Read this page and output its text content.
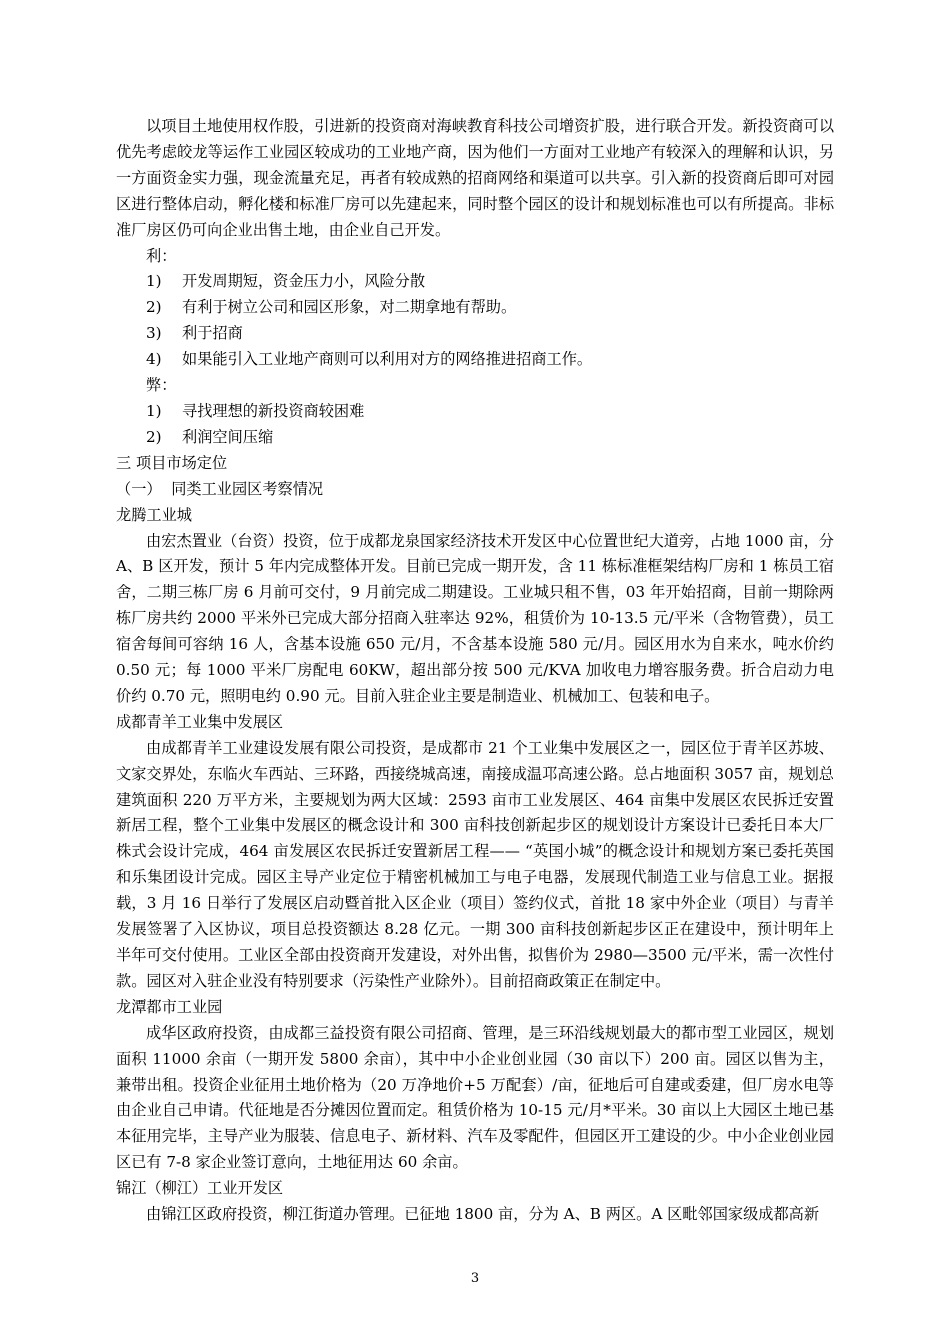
以项目土地使用权作股，引进新的投资商对海峡教育科技公司增资扩股，进行联合开发。新投资商可以优先考虑皎龙等运作工业园区较成功的工业地产商，因为他们一方面对工业地产有较深入的理解和认识，另一方面资金实力强，现金流量充足，再者有较成熟的招商网络和渠道可以共享。引入新的投资商后即可对园区进行整体启动，孵化楼和标准厂房可以先建起来，同时整个园区的设计和规划标准也可以有所提高。非标准厂房区仍可向企业出售土地，由企业自己开发。

利：

1)	开发周期短，资金压力小，风险分散
2)	有利于树立公司和园区形象，对二期拿地有帮助。
3)	利于招商
4)	如果能引入工业地产商则可以利用对方的网络推进招商工作。

弊：

1)	寻找理想的新投资商较困难
2)	利润空间压缩

三 项目市场定位

（一）  同类工业园区考察情况

龙腾工业城

由宏杰置业（台资）投资，位于成都龙泉国家经济技术开发区中心位置世纪大道旁，占地 1000 亩，分 A、B 区开发，预计 5 年内完成整体开发。目前已完成一期开发，含 11 栋标准框架结构厂房和 1 栋员工宿舍，二期三栋厂房 6 月前可交付，9 月前完成二期建设。工业城只租不售，03 年开始招商，目前一期除两栋厂房共约 2000 平米外已完成大部分招商入驻率达 92%，租赁价为 10-13.5 元/平米（含物管费），员工宿舍每间可容纳 16 人，含基本设施 650 元/月，不含基本设施 580 元/月。园区用水为自来水，吨水价约 0.50 元；每 1000 平米厂房配电 60KW，超出部分按 500 元/KVA 加收电力增容服务费。折合启动力电价约 0.70 元，照明电约 0.90 元。目前入驻企业主要是制造业、机械加工、包装和电子。

成都青羊工业集中发展区

由成都青羊工业建设发展有限公司投资，是成都市 21 个工业集中发展区之一，园区位于青羊区苏坡、文家交界处，东临火车西站、三环路，西接绕城高速，南接成温邛高速公路。总占地面积 3057 亩，规划总建筑面积 220 万平方米，主要规划为两大区域：2593 亩市工业发展区、464 亩集中发展区农民拆迁安置新居工程，整个工业集中发展区的概念设计和 300 亩科技创新起步区的规划设计方案设计已委托日本大厂株式会设计完成，464 亩发展区农民拆迁安置新居工程—— “英国小城”的概念设计和规划方案已委托英国和乐集团设计完成。园区主导产业定位于精密机械加工与电子电器，发展现代制造工业与信息工业。据报载，3 月 16 日举行了发展区启动暨首批入区企业（项目）签约仪式，首批 18 家中外企业（项目）与青羊发展签署了入区协议，项目总投资额达 8.28 亿元。一期 300 亩科技创新起步区正在建设中，预计明年上半年可交付使用。工业区全部由投资商开发建设，对外出售，拟售价为 2980—3500 元/平米，需一次性付款。园区对入驻企业没有特别要求（污染性产业除外）。目前招商政策正在制定中。

龙潭都市工业园

成华区政府投资，由成都三益投资有限公司招商、管理，是三环沿线规划最大的都市型工业园区，规划面积 11000 余亩（一期开发 5800 余亩），其中中小企业创业园（30 亩以下）200 亩。园区以售为主，兼带出租。投资企业征用土地价格为（20 万净地价+5 万配套）/亩，征地后可自建或委建，但厂房水电等由企业自己申请。代征地是否分摊因位置而定。租赁价格为 10-15 元/月*平米。30 亩以上大园区土地已基本征用完毕，主导产业为服装、信息电子、新材料、汽车及零配件，但园区开工建设的少。中小企业创业园区已有 7-8 家企业签订意向，土地征用达 60 余亩。

锦江（柳江）工业开发区

由锦江区政府投资，柳江街道办管理。已征地 1800 亩，分为 A、B 两区。A 区毗邻国家级成都高新

3
